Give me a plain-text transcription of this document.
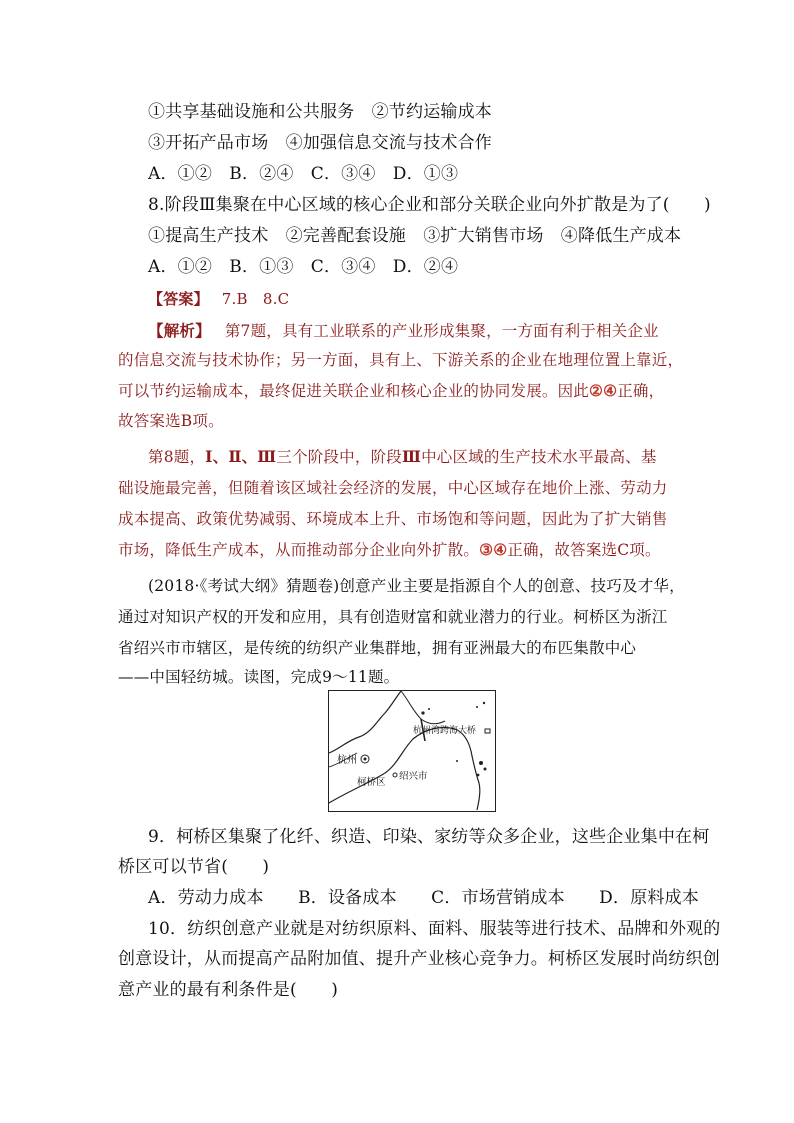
①共享基础设施和公共服务　②节约运输成本
③开拓产品市场　④加强信息交流与技术合作
A．①②　B．②④　C．③④　D．①③
8.阶段Ⅲ集聚在中心区域的核心企业和部分关联企业向外扩散是为了(　　)
①提高生产技术　②完善配套设施　③扩大销售市场　④降低生产成本
A．①②　B．①③　C．③④　D．②④
【答案】 7.B　8.C
【解析】 第7题，具有工业联系的产业形成集聚，一方面有利于相关企业
的信息交流与技术协作；另一方面，具有上、下游关系的企业在地理位置上靠近，
可以节约运输成本，最终促进关联企业和核心企业的协同发展。因此②④正确，
故答案选B项。
第8题，Ⅰ、Ⅱ、Ⅲ三个阶段中，阶段Ⅲ中心区域的生产技术水平最高、基
础设施最完善，但随着该区域社会经济的发展，中心区域存在地价上涨、劳动力
成本提高、政策优势减弱、环境成本上升、市场饱和等问题，因此为了扩大销售
市场，降低生产成本，从而推动部分企业向外扩散。③④正确，故答案选C项。
(2018·《考试大纲》猜题卷)创意产业主要是指源自个人的创意、技巧及才华，
通过对知识产权的开发和应用，具有创造财富和就业潜力的行业。柯桥区为浙江
省绍兴市市辖区，是传统的纺织产业集群地，拥有亚洲最大的布匹集散中心
——中国轻纺城。读图，完成9～11题。
杭州
杭州湾跨海大桥
柯桥区
绍兴市
9．柯桥区集聚了化纤、织造、印染、家纺等众多企业，这些企业集中在柯
桥区可以节省(　　)
A．劳动力成本　　B．设备成本　　C．市场营销成本　　D．原料成本
10．纺织创意产业就是对纺织原料、面料、服装等进行技术、品牌和外观的
创意设计，从而提高产品附加值、提升产业核心竞争力。柯桥区发展时尚纺织创
意产业的最有利条件是(　　)
